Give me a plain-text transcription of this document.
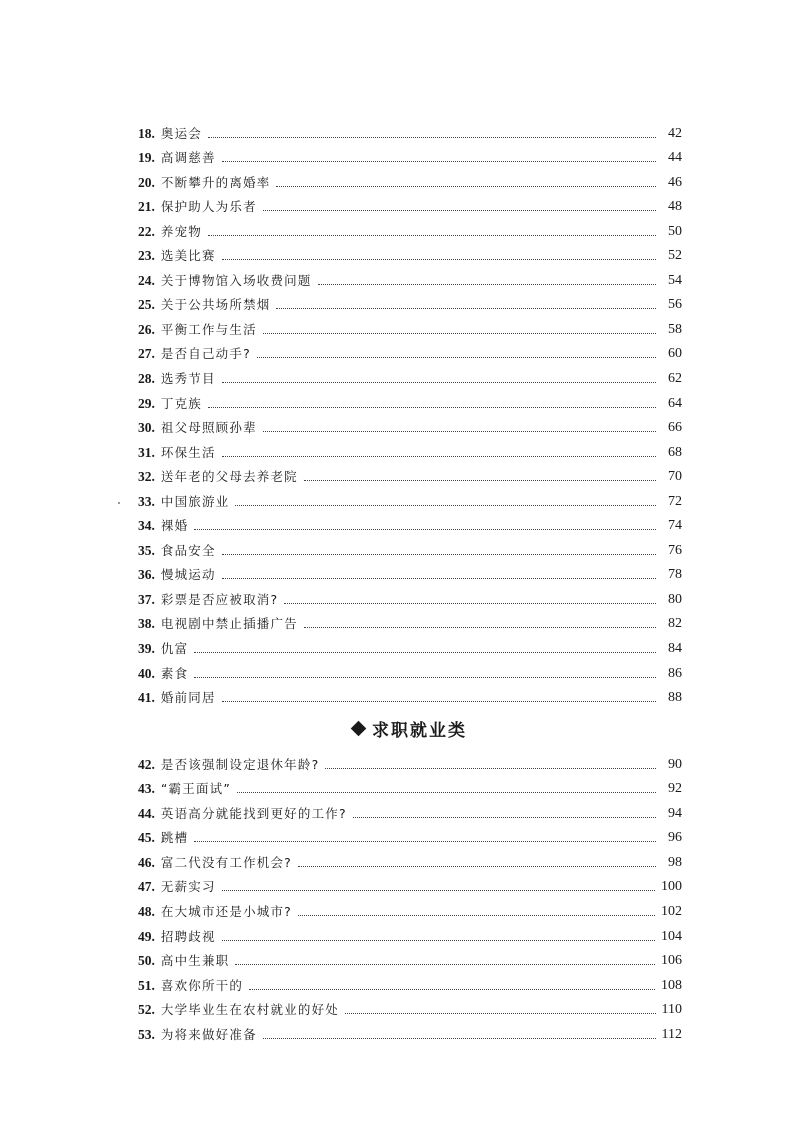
18. 奥运会	42
19. 高调慈善	44
20. 不断攀升的离婚率	46
21. 保护助人为乐者	48
22. 养宠物	50
23. 选美比赛	52
24. 关于博物馆入场收费问题	54
25. 关于公共场所禁烟	56
26. 平衡工作与生活	58
27. 是否自己动手?	60
28. 选秀节目	62
29. 丁克族	64
30. 祖父母照顾孙辈	66
31. 环保生活	68
32. 送年老的父母去养老院	70
33. 中国旅游业	72
34. 裸婚	74
35. 食品安全	76
36. 慢城运动	78
37. 彩票是否应被取消?	80
38. 电视剧中禁止插播广告	82
39. 仇富	84
40. 素食	86
41. 婚前同居	88
求职就业类
42. 是否该强制设定退休年龄?	90
43. “霸王面试”	92
44. 英语高分就能找到更好的工作?	94
45. 跳槽	96
46. 富二代没有工作机会?	98
47. 无薪实习	100
48. 在大城市还是小城市?	102
49. 招聘歧视	104
50. 高中生兼职	106
51. 喜欢你所干的	108
52. 大学毕业生在农村就业的好处	110
53. 为将来做好准备	112
